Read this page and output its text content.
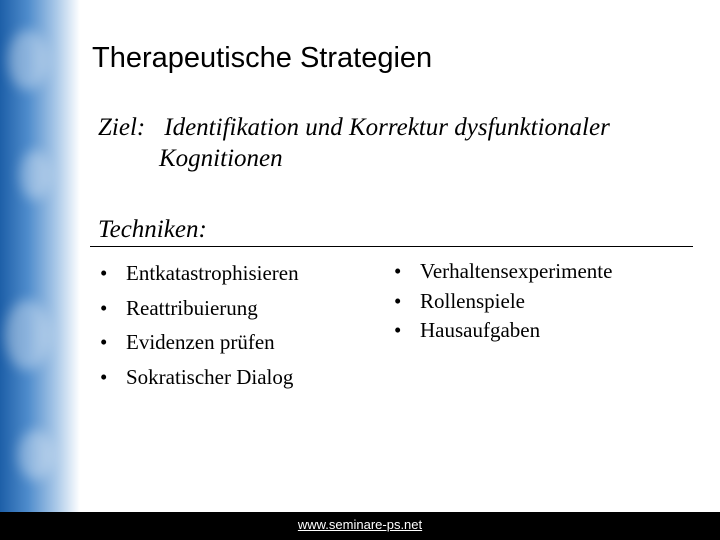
Therapeutische Strategien
Ziel: Identifikation und Korrektur dysfunktionaler
Kognitionen
Techniken:
• Entkatastrophisieren
• Reattribuierung
• Evidenzen prüfen
• Sokratischer Dialog
• Verhaltensexperimente
• Rollenspiele
• Hausaufgaben
www.seminare-ps.net
